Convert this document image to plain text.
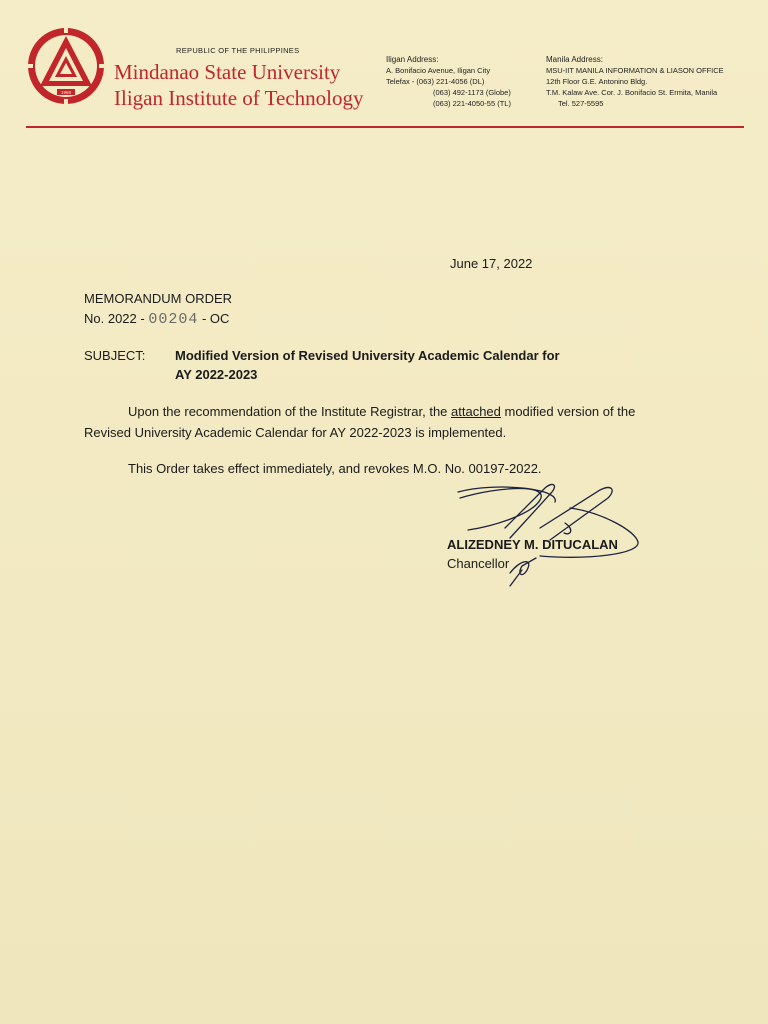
1968
REPUBLIC OF THE PHILIPPINES
Mindanao State University
Iligan Institute of Technology
Iligan Address:
A. Bonifacio Avenue, Iligan City
Telefax - (063) 221-4056 (DL)
(063) 492-1173 (Globe)
(063) 221-4050-55 (TL)
Manila Address:
MSU-IIT MANILA INFORMATION & LIASON OFFICE
12th Floor G.E. Antonino Bldg.
T.M. Kalaw Ave. Cor. J. Bonifacio St. Ermita, Manila
Tel. 527-5595
June 17, 2022
MEMORANDUM ORDER
No. 2022 - 00204 - OC
SUBJECT: Modified Version of Revised University Academic Calendar for
AY 2022-2023
Upon the recommendation of the Institute Registrar, the attached modified version of the
Revised University Academic Calendar for AY 2022-2023 is implemented.
This Order takes effect immediately, and revokes M.O. No. 00197-2022.
ALIZEDNEY M. DITUCALAN
Chancellor
